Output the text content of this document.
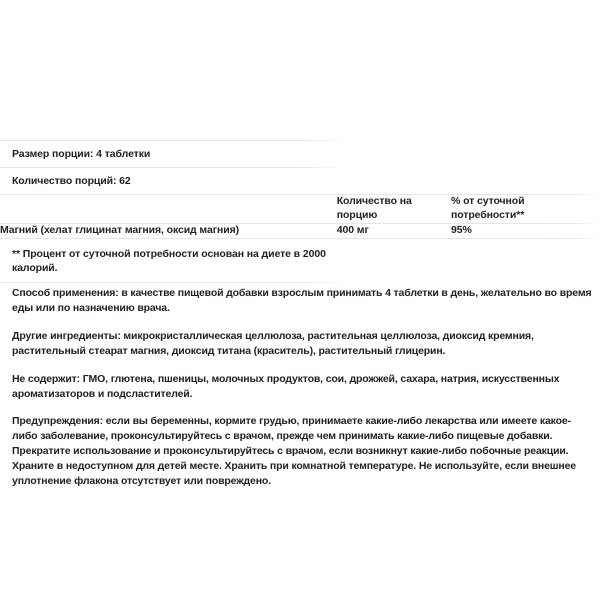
Размер порции: 4 таблетки
Количество порций: 62
	Количество на порцию	% от суточной потребности**
Магний (хелат глицинат магния, оксид магния)	400 мг	95%
** Процент от суточной потребности основан на диете в 2000 калорий.

Способ применения: в качестве пищевой добавки взрослым принимать 4 таблетки в день, желательно во время еды или по назначению врача.

Другие ингредиенты: микрокристаллическая целлюлоза, растительная целлюлоза, диоксид кремния, растительный стеарат магния, диоксид титана (краситель), растительный глицерин.

Не содержит: ГМО, глютена, пшеницы, молочных продуктов, сои, дрожжей, сахара, натрия, искусственных ароматизаторов и подсластителей.

Предупреждения: если вы беременны, кормите грудью, принимаете какие-либо лекарства или имеете какое-либо заболевание, проконсультируйтесь с врачом, прежде чем принимать какие-либо пищевые добавки. Прекратите использование и проконсультируйтесь с врачом, если возникнут какие-либо побочные реакции. Храните в недоступном для детей месте. Хранить при комнатной температуре. Не используйте, если внешнее уплотнение флакона отсутствует или повреждено.
